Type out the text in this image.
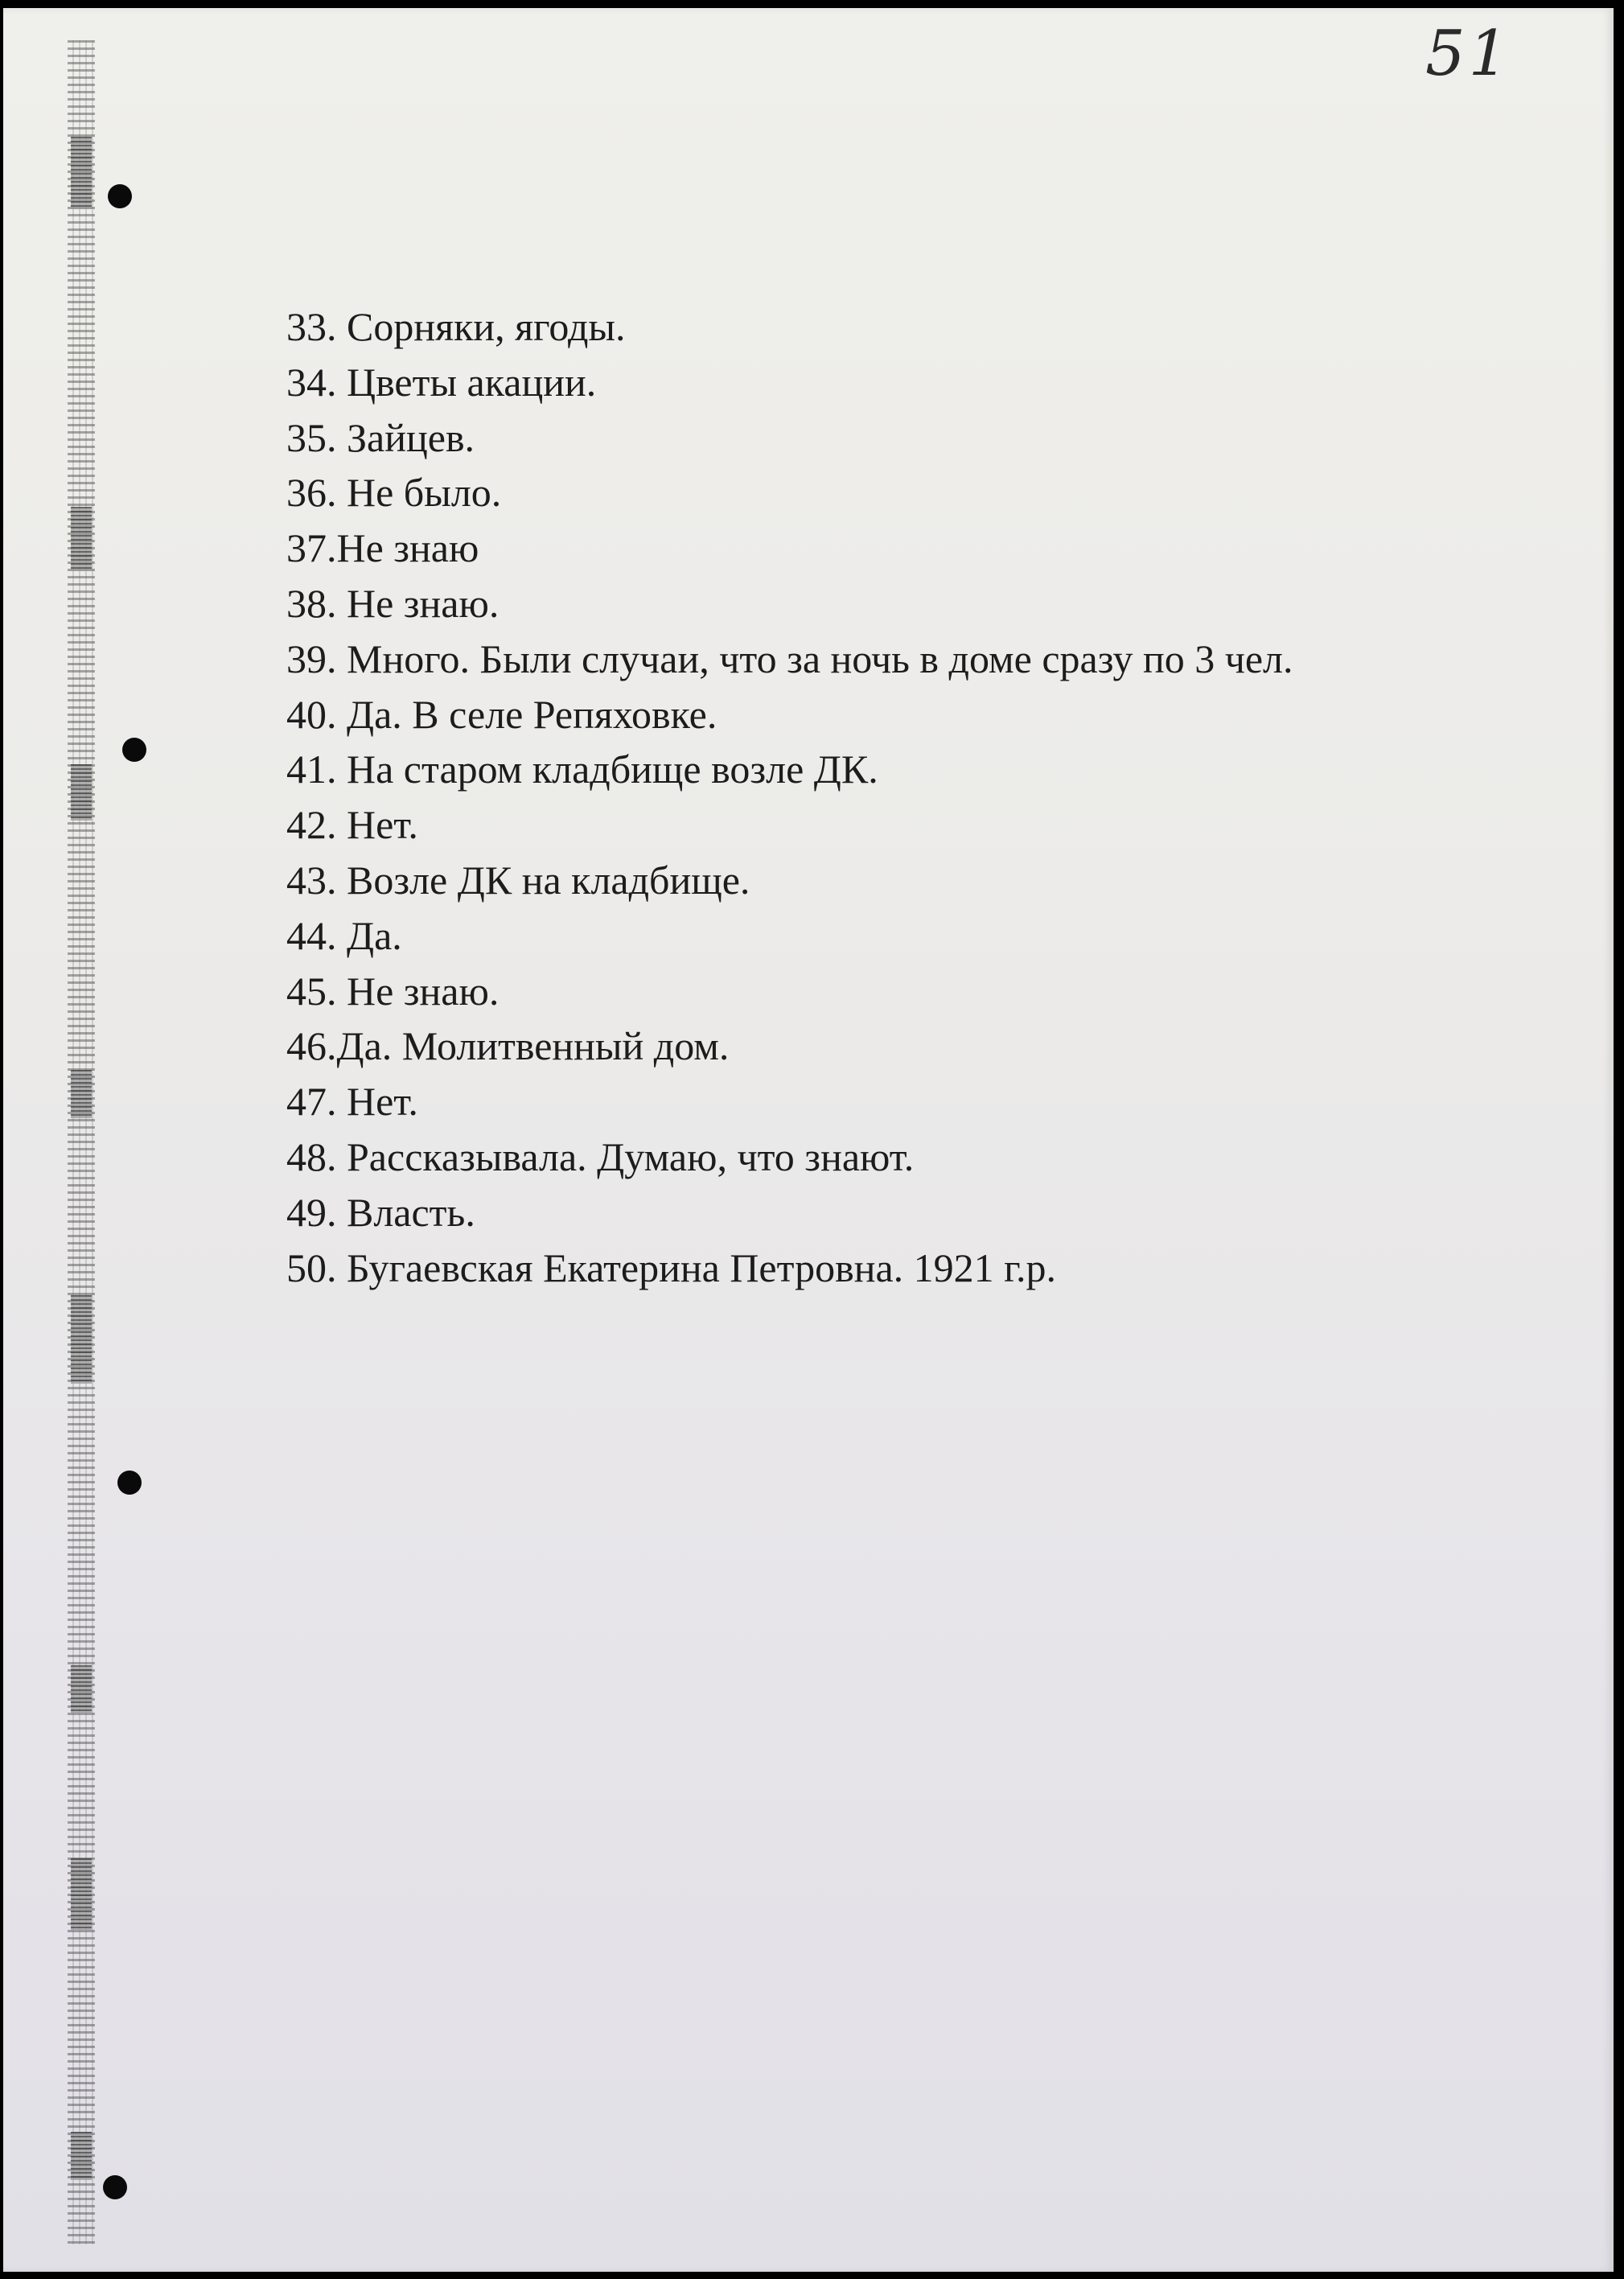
51
33. Сорняки, ягоды.
34. Цветы акации.
35. Зайцев.
36. Не было.
37.Не знаю
38. Не знаю.
39. Много. Были случаи, что за ночь в доме сразу по 3 чел.
40. Да. В селе Репяховке.
41. На старом кладбище возле ДК.
42. Нет.
43. Возле ДК на кладбище.
44. Да.
45. Не знаю.
46.Да. Молитвенный дом.
47. Нет.
48. Рассказывала. Думаю, что знают.
49. Власть.
50. Бугаевская Екатерина Петровна. 1921 г.р.
